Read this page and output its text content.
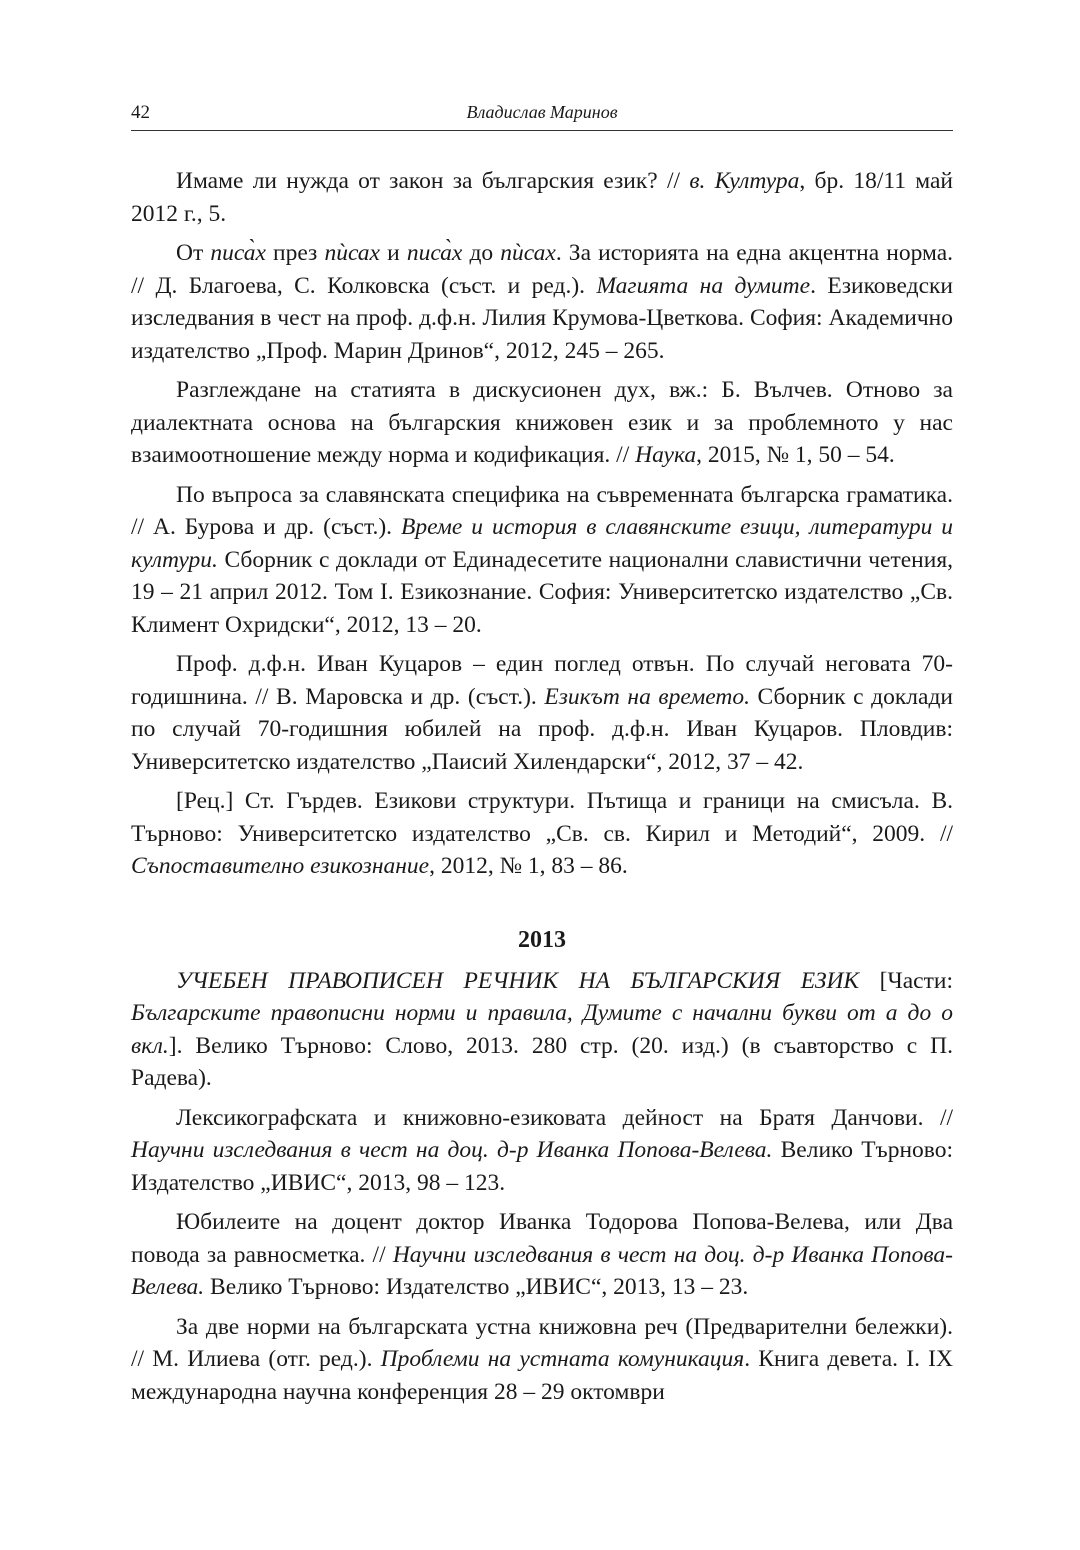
42	Владислав Маринов

Имаме ли нужда от закон за българския език? // в. Култура, бр. 18/11 май 2012 г., 5.

От писа̀х през пѝсах и писа̀х до пѝсах. За историята на една акцентна норма. // Д. Благоева, С. Колковска (съст. и ред.). Магията на думите. Езиковедски изследвания в чест на проф. д.ф.н. Лилия Крумова-Цветкова. София: Академично издателство „Проф. Марин Дринов“, 2012, 245 – 265.

Разглеждане на статията в дискусионен дух, вж.: Б. Вълчев. Отново за диалектната основа на българския книжовен език и за проблемното у нас взаимоотношение между норма и кодификация. // Наука, 2015, № 1, 50 – 54.

По въпроса за славянската специфика на съвременната българска граматика. // А. Бурова и др. (съст.). Време и история в славянските езици, литератури и култури. Сборник с доклади от Единадесетите национални славистични четения, 19 – 21 април 2012. Том I. Езикознание. София: Университетско издателство „Св. Климент Охридски“, 2012, 13 – 20.

Проф. д.ф.н. Иван Куцаров – един поглед отвън. По случай неговата 70-годишнина. // В. Маровска и др. (съст.). Езикът на времето. Сборник с доклади по случай 70-годишния юбилей на проф. д.ф.н. Иван Куцаров. Пловдив: Университетско издателство „Паисий Хилендарски“, 2012, 37 – 42.

[Рец.] Ст. Гърдев. Езикови структури. Пътища и граници на смисъла. В. Търново: Университетско издателство „Св. св. Кирил и Методий“, 2009. // Съпоставително езикознание, 2012, № 1, 83 – 86.

2013

УЧЕБЕН ПРАВОПИСЕН РЕЧНИК НА БЪЛГАРСКИЯ ЕЗИК [Части: Българските правописни норми и правила, Думите с начални букви от а до о вкл.]. Велико Търново: Слово, 2013. 280 стр. (20. изд.) (в съавторство с П. Радева).

Лексикографската и книжовно-езиковата дейност на Братя Данчови. // Научни изследвания в чест на доц. д-р Иванка Попова-Велева. Велико Търново: Издателство „ИВИС“, 2013, 98 – 123.

Юбилеите на доцент доктор Иванка Тодорова Попова-Велева, или Два повода за равносметка. // Научни изследвания в чест на доц. д-р Иванка Попова-Велева. Велико Търново: Издателство „ИВИС“, 2013, 13 – 23.

За две норми на българската устна книжовна реч (Предварителни бележки). // М. Илиева (отг. ред.). Проблеми на устната комуникация. Книга девета. I. IX международна научна конференция 28 – 29 октомври
